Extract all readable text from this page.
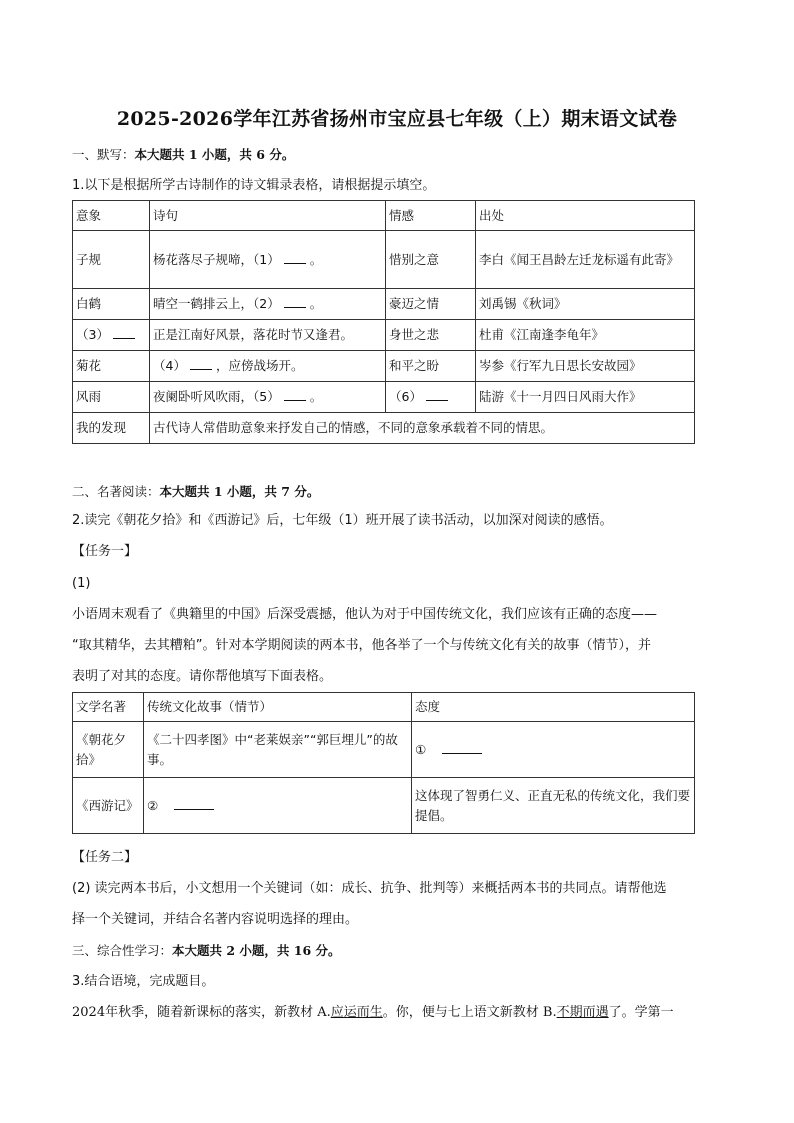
2025-2026学年江苏省扬州市宝应县七年级（上）期末语文试卷
一、默写：本大题共 1 小题，共 6 分。
1.以下是根据所学古诗制作的诗文辑录表格，请根据提示填空。
意象	诗句	情感	出处
子规	杨花落尽子规啼，（1） 。	惜别之意	李白《闻王昌龄左迁龙标遥有此寄》
白鹤	晴空一鹤排云上，（2） 。	豪迈之情	刘禹锡《秋词》
（3）	正是江南好风景，落花时节又逢君。	身世之悲	杜甫《江南逢李龟年》
菊花	（4） ，应傍战场开。	和平之盼	岑参《行军九日思长安故园》
风雨	夜阑卧听风吹雨，（5） 。	（6）	陆游《十一月四日风雨大作》
我的发现	古代诗人常借助意象来抒发自己的情感，不同的意象承载着不同的情思。		
二、名著阅读：本大题共 1 小题，共 7 分。
2.读完《朝花夕拾》和《西游记》后，七年级（1）班开展了读书活动，以加深对阅读的感悟。
【任务一】
(1)
小语周末观看了《典籍里的中国》后深受震撼，他认为对于中国传统文化，我们应该有正确的态度——
“取其精华，去其糟粕”。针对本学期阅读的两本书，他各举了一个与传统文化有关的故事（情节），并
表明了对其的态度。请你帮他填写下面表格。
文学名著	传统文化故事（情节）	态度
《朝花夕拾》	《二十四孝图》中“老莱娱亲”“郭巨埋儿”的故事。	①
《西游记》	②	这体现了智勇仁义、正直无私的传统文化，我们要提倡。
【任务二】
(2) 读完两本书后，小文想用一个关键词（如：成长、抗争、批判等）来概括两本书的共同点。请帮他选
择一个关键词，并结合名著内容说明选择的理由。
三、综合性学习：本大题共 2 小题，共 16 分。
3.结合语境，完成题目。
2024年秋季，随着新课标的落实，新教材 A.应运而生。你，便与七上语文新教材 B.不期而遇了。学第一
